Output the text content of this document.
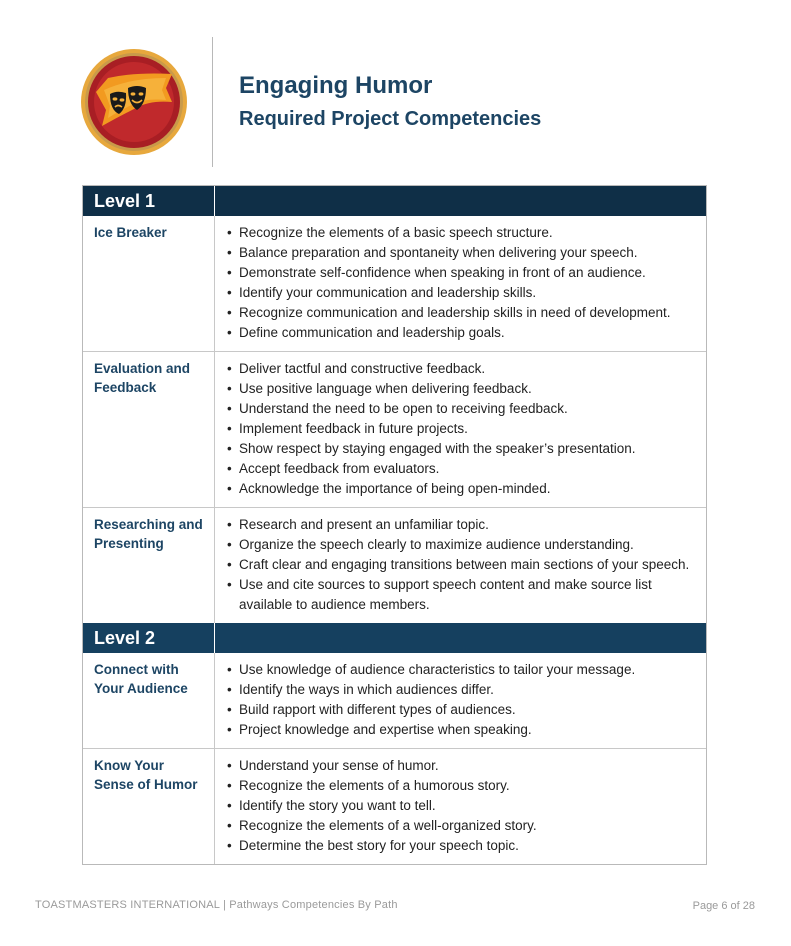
Engaging Humor
Required Project Competencies
Level 1
Ice Breaker
•	Recognize the elements of a basic speech structure.
• Balance preparation and spontaneity when delivering your speech.
• Demonstrate self-confidence when speaking in front of an audience.
• Identify your communication and leadership skills.
• Recognize communication and leadership skills in need of development.
• Define communication and leadership goals.
Evaluation and Feedback
• Deliver tactful and constructive feedback.
• Use positive language when delivering feedback.
• Understand the need to be open to receiving feedback.
• Implement feedback in future projects.
• Show respect by staying engaged with the speaker’s presentation.
• Accept feedback from evaluators.
• Acknowledge the importance of being open-minded.
Researching and Presenting
• Research and present an unfamiliar topic.
• Organize the speech clearly to maximize audience understanding.
• Craft clear and engaging transitions between main sections of your speech.
• Use and cite sources to support speech content and make source list available to audience members.
Level 2
Connect with Your Audience
• Use knowledge of audience characteristics to tailor your message.
• Identify the ways in which audiences differ.
• Build rapport with different types of audiences.
• Project knowledge and expertise when speaking.
Know Your Sense of Humor
• Understand your sense of humor.
• Recognize the elements of a humorous story.
• Identify the story you want to tell.
• Recognize the elements of a well-organized story.
• Determine the best story for your speech topic.

TOASTMASTERS INTERNATIONAL | Pathways Competencies By Path	Page 6 of 28
